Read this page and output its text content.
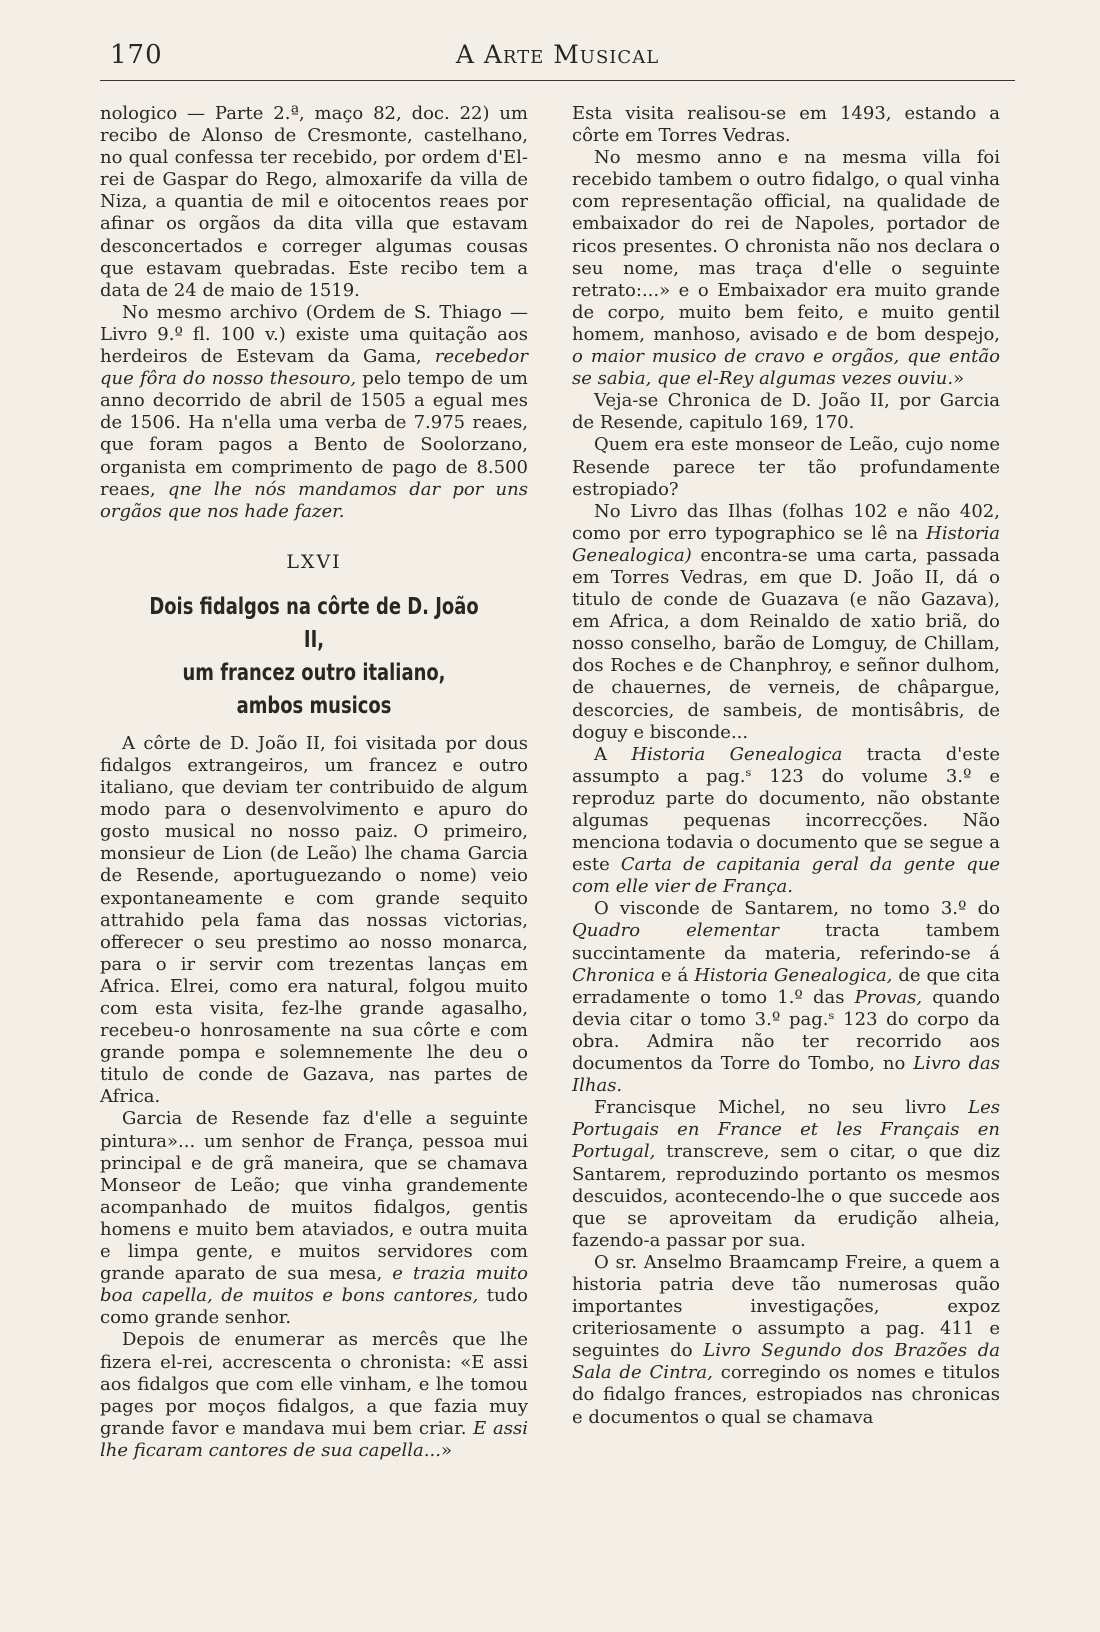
170	A Arte Musical

nologico — Parte 2.ª, maço 82, doc. 22) um recibo de Alonso de Cresmonte, castelhano, no qual confessa ter recebido, por ordem d'El-rei de Gaspar do Rego, almoxarife da villa de Niza, a quantia de mil e oitocentos reaes por afinar os orgãos da dita villa que estavam desconcertados e correger algumas cousas que estavam quebradas. Este recibo tem a data de 24 de maio de 1519.

No mesmo archivo (Ordem de S. Thiago — Livro 9.º fl. 100 v.) existe uma quitação aos herdeiros de Estevam da Gama, recebedor que fôra do nosso thesouro, pelo tempo de um anno decorrido de abril de 1505 a egual mes de 1506. Ha n'ella uma verba de 7.975 reaes, que foram pagos a Bento de Soolorzano, organista em comprimento de pago de 8.500 reaes, qne lhe nós mandamos dar por uns orgãos que nos hade fazer.

LXVI
Dois fidalgos na côrte de D. João II,
um francez outro italiano, ambos musicos

A côrte de D. João II, foi visitada por dous fidalgos extrangeiros, um francez e outro italiano, que deviam ter contribuido de algum modo para o desenvolvimento e apuro do gosto musical no nosso paiz. O primeiro, monsieur de Lion (de Leão) lhe chama Garcia de Resende, aportuguezando o nome) veio expontaneamente e com grande sequito attrahido pela fama das nossas victorias, offerecer o seu prestimo ao nosso monarca, para o ir servir com trezentas lanças em Africa. Elrei, como era natural, folgou muito com esta visita, fez-lhe grande agasalho, recebeu-o honrosamente na sua côrte e com grande pompa e solemnemente lhe deu o titulo de conde de Gazava, nas partes de Africa.

Garcia de Resende faz d'elle a seguinte pintura»... um senhor de França, pessoa mui principal e de grã maneira, que se chamava Monseor de Leão; que vinha grandemente acompanhado de muitos fidalgos, gentis homens e muito bem ataviados, e outra muita e limpa gente, e muitos servidores com grande aparato de sua mesa, e trazia muito boa capella, de muitos e bons cantores, tudo como grande senhor.

Depois de enumerar as mercês que lhe fizera el-rei, accrescenta o chronista: «E assi aos fidalgos que com elle vinham, e lhe tomou pages por moços fidalgos, a que fazia muy grande favor e mandava mui bem criar. E assi lhe ficaram cantores de sua capella...»

Esta visita realisou-se em 1493, estando a côrte em Torres Vedras.

No mesmo anno e na mesma villa foi recebido tambem o outro fidalgo, o qual vinha com representação official, na qualidade de embaixador do rei de Napoles, portador de ricos presentes. O chronista não nos declara o seu nome, mas traça d'elle o seguinte retrato:...» e o Embaixador era muito grande de corpo, muito bem feito, e muito gentil homem, manhoso, avisado e de bom despejo, o maior musico de cravo e orgãos, que então se sabia, que el-Rey algumas vezes ouviu.»

Veja-se Chronica de D. João II, por Garcia de Resende, capitulo 169, 170.

Quem era este monseor de Leão, cujo nome Resende parece ter tão profundamente estropiado?

No Livro das Ilhas (folhas 102 e não 402, como por erro typographico se lê na Historia Genealogica) encontra-se uma carta, passada em Torres Vedras, em que D. João II, dá o titulo de conde de Guazava (e não Gazava), em Africa, a dom Reinaldo de xatio briã, do nosso conselho, barão de Lomguy, de Chillam, dos Roches e de Chanphroy, e señnor dulhom, de chauernes, de verneis, de châpargue, descorcies, de sambeis, de montisâbris, de doguy e bisconde...

A Historia Genealogica tracta d'este assumpto a pag.ˢ 123 do volume 3.º e reproduz parte do documento, não obstante algumas pequenas incorrecções. Não menciona todavia o documento que se segue a este Carta de capitania geral da gente que com elle vier de França.

O visconde de Santarem, no tomo 3.º do Quadro elementar tracta tambem succintamente da materia, referindo-se á Chronica e á Historia Genealogica, de que cita erradamente o tomo 1.º das Provas, quando devia citar o tomo 3.º pag.ˢ 123 do corpo da obra. Admira não ter recorrido aos documentos da Torre do Tombo, no Livro das Ilhas.

Francisque Michel, no seu livro Les Portugais en France et les Français en Portugal, transcreve, sem o citar, o que diz Santarem, reproduzindo portanto os mesmos descuidos, acontecendo-lhe o que succede aos que se aproveitam da erudição alheia, fazendo-a passar por sua.

O sr. Anselmo Braamcamp Freire, a quem a historia patria deve tão numerosas quão importantes investigações, expoz criteriosamente o assumpto a pag. 411 e seguintes do Livro Segundo dos Brazões da Sala de Cintra, corregindo os nomes e titulos do fidalgo frances, estropiados nas chronicas e documentos o qual se chamava
